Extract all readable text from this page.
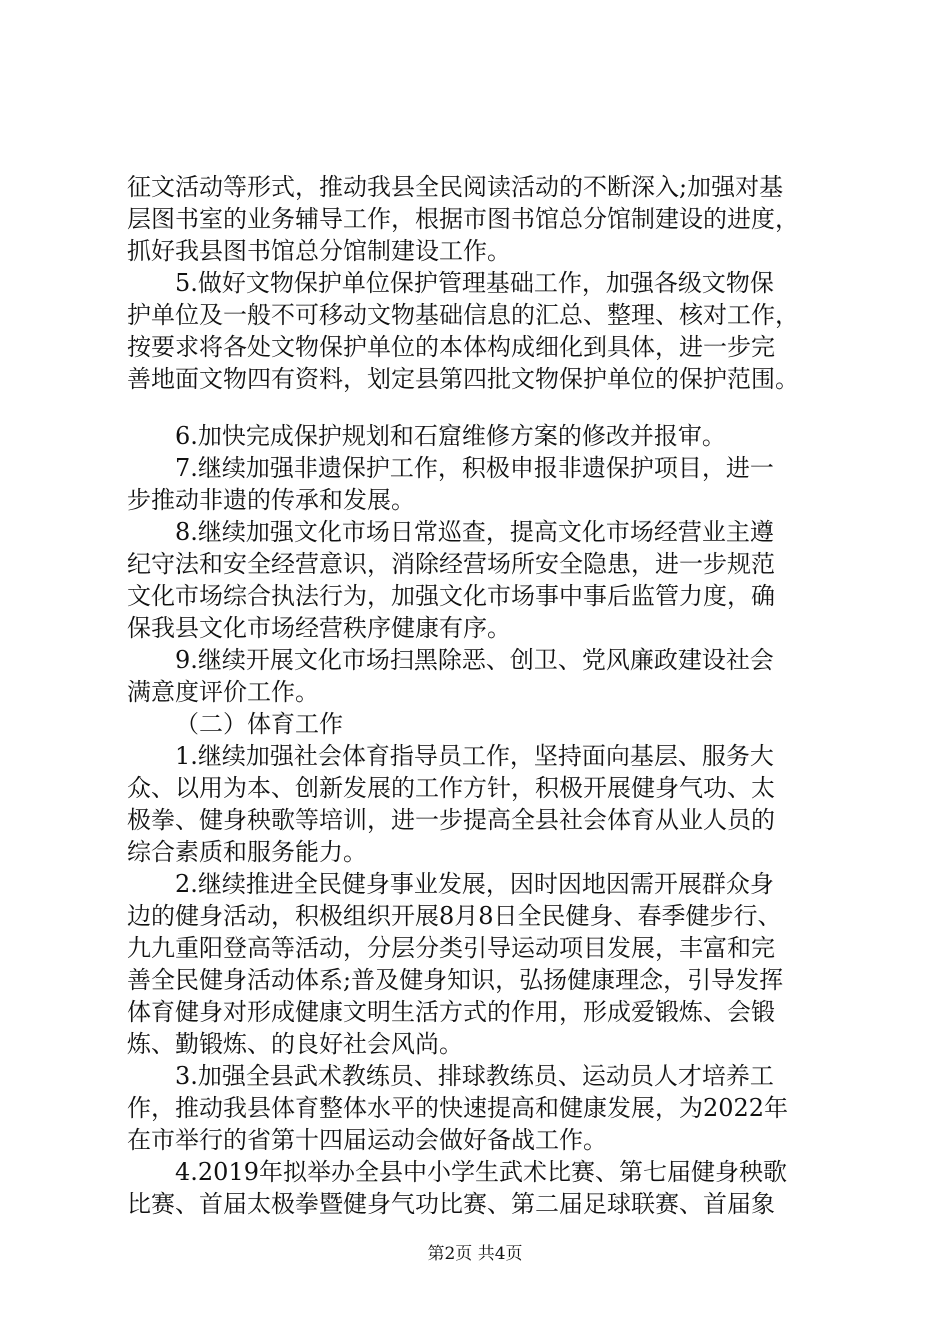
征文活动等形式，推动我县全民阅读活动的不断深入;加强对基
层图书室的业务辅导工作，根据市图书馆总分馆制建设的进度，
抓好我县图书馆总分馆制建设工作。
5.做好文物保护单位保护管理基础工作，加强各级文物保
护单位及一般不可移动文物基础信息的汇总、整理、核对工作，
按要求将各处文物保护单位的本体构成细化到具体，进一步完
善地面文物四有资料，划定县第四批文物保护单位的保护范围。
6.加快完成保护规划和石窟维修方案的修改并报审。
7.继续加强非遗保护工作，积极申报非遗保护项目，进一
步推动非遗的传承和发展。
8.继续加强文化市场日常巡查，提高文化市场经营业主遵
纪守法和安全经营意识，消除经营场所安全隐患，进一步规范
文化市场综合执法行为，加强文化市场事中事后监管力度，确
保我县文化市场经营秩序健康有序。
9.继续开展文化市场扫黑除恶、创卫、党风廉政建设社会
满意度评价工作。
（二）体育工作
1.继续加强社会体育指导员工作，坚持面向基层、服务大
众、以用为本、创新发展的工作方针，积极开展健身气功、太
极拳、健身秧歌等培训，进一步提高全县社会体育从业人员的
综合素质和服务能力。
2.继续推进全民健身事业发展，因时因地因需开展群众身
边的健身活动，积极组织开展8月8日全民健身、春季健步行、
九九重阳登高等活动，分层分类引导运动项目发展，丰富和完
善全民健身活动体系;普及健身知识，弘扬健康理念，引导发挥
体育健身对形成健康文明生活方式的作用，形成爱锻炼、会锻
炼、勤锻炼、的良好社会风尚。
3.加强全县武术教练员、排球教练员、运动员人才培养工
作，推动我县体育整体水平的快速提高和健康发展，为2022年
在市举行的省第十四届运动会做好备战工作。
4.2019年拟举办全县中小学生武术比赛、第七届健身秧歌
比赛、首届太极拳暨健身气功比赛、第二届足球联赛、首届象
第2页 共4页
